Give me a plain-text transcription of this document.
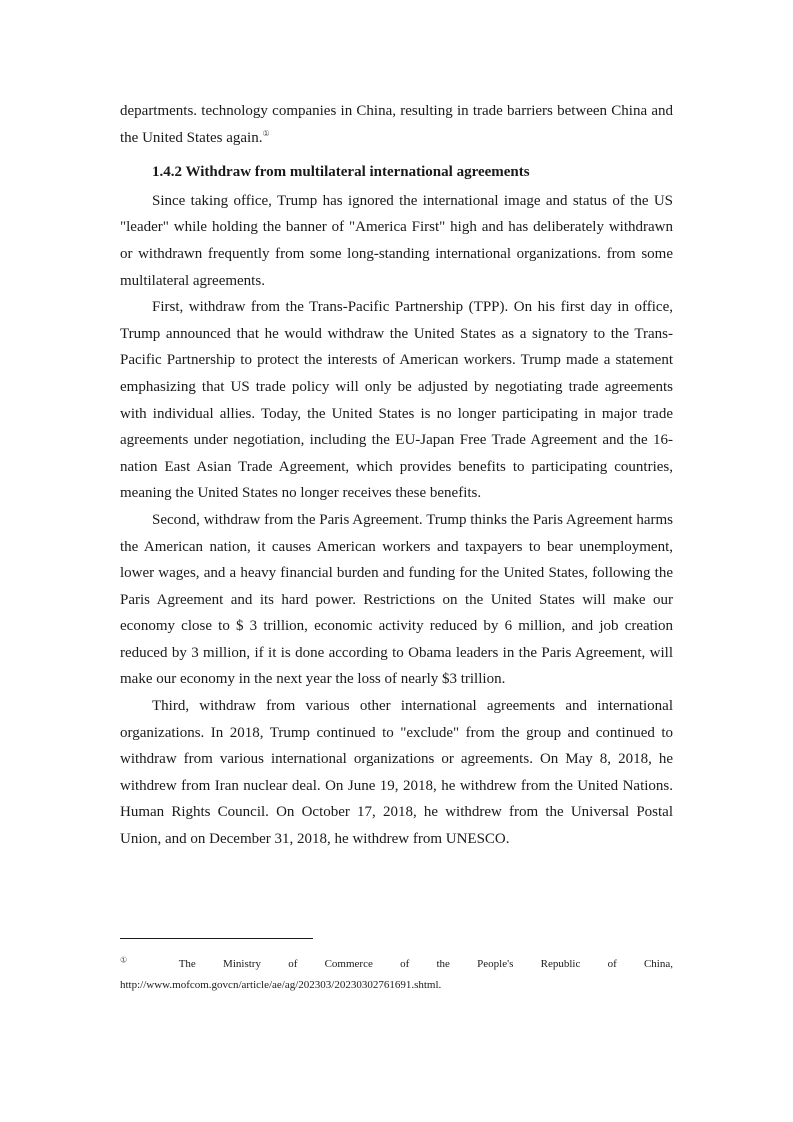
departments. technology companies in China, resulting in trade barriers between China and the United States again.①

1.4.2 Withdraw from multilateral international agreements

Since taking office, Trump has ignored the international image and status of the US "leader" while holding the banner of "America First" high and has deliberately withdrawn or withdrawn frequently from some long-standing international organizations. from some multilateral agreements.

First, withdraw from the Trans-Pacific Partnership (TPP). On his first day in office, Trump announced that he would withdraw the United States as a signatory to the Trans-Pacific Partnership to protect the interests of American workers. Trump made a statement emphasizing that US trade policy will only be adjusted by negotiating trade agreements with individual allies. Today, the United States is no longer participating in major trade agreements under negotiation, including the EU-Japan Free Trade Agreement and the 16-nation East Asian Trade Agreement, which provides benefits to participating countries, meaning the United States no longer receives these benefits.

Second, withdraw from the Paris Agreement. Trump thinks the Paris Agreement harms the American nation, it causes American workers and taxpayers to bear unemployment, lower wages, and a heavy financial burden and funding for the United States, following the Paris Agreement and its hard power. Restrictions on the United States will make our economy close to $ 3 trillion, economic activity reduced by 6 million, and job creation reduced by 3 million, if it is done according to Obama leaders in the Paris Agreement, will make our economy in the next year the loss of nearly $3 trillion.

Third, withdraw from various other international agreements and international organizations. In 2018, Trump continued to "exclude" from the group and continued to withdraw from various international organizations or agreements. On May 8, 2018, he withdrew from Iran nuclear deal. On June 19, 2018, he withdrew from the United Nations. Human Rights Council. On October 17, 2018, he withdrew from the Universal Postal Union, and on December 31, 2018, he withdrew from UNESCO.

① The Ministry of Commerce of the People's Republic of China, http://www.mofcom.govcn/article/ae/ag/202303/20230302761691.shtml.
